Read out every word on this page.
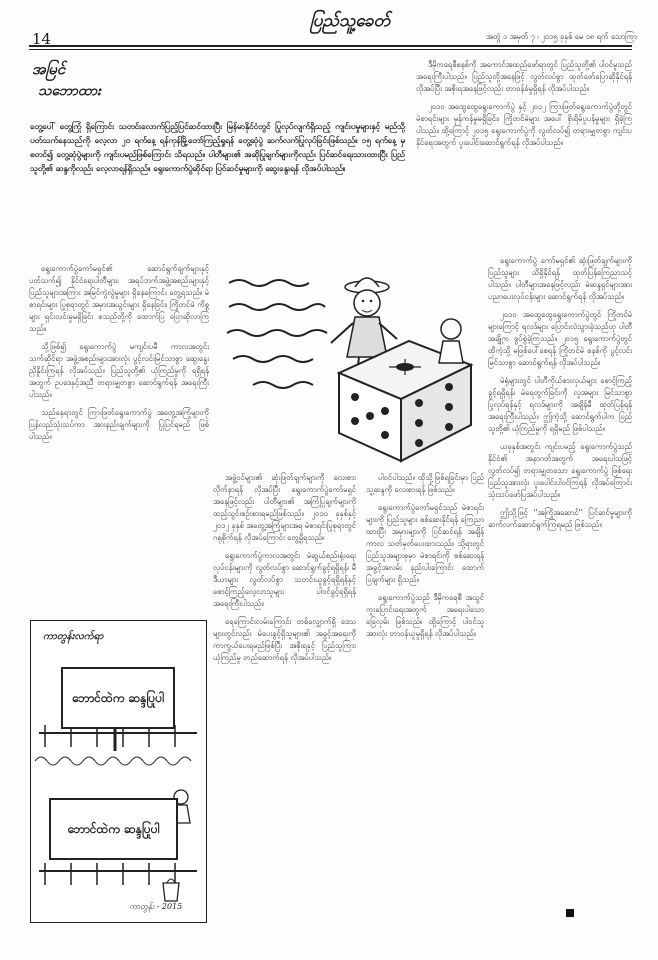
14
ပြည်သူ့ခေတ်
အတွဲ ၁ အမှတ် ၇ ၊ ၂၀၁၅ ခုနှစ် မေ ၁၈ ရက် သောကြာ
အမြင်
သဘောထား
တွေ့ပေါ် တွေ့ကြုံ ရှိကြောင်း သတင်းလောက်ပြည့်ပြင်ဆင်ထားပြီး မြန်မာနိုင်ငံတွင် ပြုလုပ်လျက်ရှိသည့် ကျင်းပမှုများနှင့် မည်သို့ ပတ်သက်နေသည်ကို လေ့လာ ၂၀ ရက်နေ့ ရန်ကုန်မြို့တော်ကြည့်ရှုရန် တွေ့ဆုံပွဲ ဆက်လက်ပြုလုပ်ခြင်းဖြစ်သည်။ ၁၅ ရက်နေ့ မှ စတင်၍ တွေ့ဆုံပွဲများကို ကျင်းပမည်ဖြစ်ကြောင်း သိရသည်။ ပါတီများ၏ အဆိုပြုချက်များကိုလည်း ပြင်ဆင်ရေးသားထားပြီး ပြည်သူတို့၏ ဆန္ဒကိုလည်း လေ့လာရန်ရှိသည်။ ရွေးကောက်ပွဲဆိုင်ရာ ပြင်ဆင်မှုများကို ဆွေးနွေးရန် လိုအပ်ပါသည်။

ဒီမိုကရေစီစနစ်ကို အကောင်အထည်ဖော်ရာတွင် ပြည်သူတို့၏ ပါဝင်မှုသည် အရေးကြီးပါသည်။ ပြည်သူတို့အနေဖြင့် လွတ်လပ်စွာ ထုတ်ဖော်ပြောဆိုနိုင်ရန် လိုအပ်ပြီး အစိုးရအနေဖြင့်လည်း တာဝန်ခံမှုရှိရန် လိုအပ်ပါသည်။

၂၀၁၀ အထွေထွေရွေးကောက်ပွဲ နှင့် ၂၀၁၂ ကြားဖြတ်ရွေးကောက်ပွဲတို့တွင် မဲစာရင်းများ မှန်ကန်မှုမရှိခြင်း၊ ကြိုတင်မဲများ အပေါ် စိုးရိမ်ပူပန်မှုများ ရှိခဲ့ကြပါသည်။ ထို့ကြောင့် ၂၀၁၅ ရွေးကောက်ပွဲကို လွတ်လပ်၍ တရားမျှတစွာ ကျင်းပနိုင်ရေးအတွက် ပူးပေါင်းဆောင်ရွက်ရန် လိုအပ်ပါသည်။

ရွေးကောက်ပွဲကော်မရှင်၏ ဆောင်ရွက်ချက်များနှင့် ပတ်သက်၍ နိုင်ငံရေးပါတီများ၊ အရပ်ဘက်အဖွဲ့အစည်းများနှင့် ပြည်သူများအကြား အမြင်ကွဲလွဲမှုများ ရှိနေကြောင်း တွေ့ရသည်။ မဲစာရင်းများ ပြုစုရာတွင် အမှားအယွင်းများ ရှိနေခြင်း၊ ကြိုတင်မဲ ကိစ္စများ ရှင်းလင်းမှုမရှိခြင်း စသည်တို့ကို ထောက်ပြ ပြောဆိုလာကြသည်။

သို့ဖြစ်၍ ရွေးကောက်ပွဲ မကျင်းပမီ ကာလအတွင်း သက်ဆိုင်ရာ အဖွဲ့အစည်းများအားလုံး ပွင့်လင်းမြင်သာစွာ ဆွေးနွေးညှိနှိုင်းကြရန် လိုအပ်သည်။ ပြည်သူတို့၏ ယုံကြည်မှုကို ရရှိရန်အတွက် ဥပဒေနှင့်အညီ တရားမျှတစွာ ဆောင်ရွက်ရန် အရေးကြီးပါသည်။

သည်နေရာတွင် ကြားဖြတ်ရွေးကောက်ပွဲ အတွေ့အကြုံများကို ပြန်လည်သုံးသပ်ကာ အားနည်းချက်များကို ပြုပြင်ရမည် ဖြစ်ပါသည်။

အဖွဲ့ဝင်များ၏ ဆုံးဖြတ်ချက်များကို လေးစားလိုက်နာရန် လိုအပ်ပြီး ရွေးကောက်ပွဲကော်မရှင်အနေဖြင့်လည်း ပါတီများ၏ အကြံပြုချက်များကို ထည့်သွင်းစဉ်းစားရမည်ဖြစ်သည်။ ၂၀၁၀ ခုနှစ်နှင့် ၂၀၁၂ ခုနှစ် အတွေ့အကြုံများအရ မဲစာရင်းပြုစုရာတွင် ဂရုစိုက်ရန် လိုအပ်ကြောင်း တွေ့ရှိရသည်။

ရွေးကောက်ပွဲကာလအတွင်း မဲဆွယ်စည်းရုံးရေး လုပ်ငန်းများကို လွတ်လပ်စွာ ဆောင်ရွက်ခွင့်ရရှိရန်၊ မီဒီယာများ လွတ်လပ်စွာ သတင်းယူခွင့်ရရှိရန်နှင့် စောင့်ကြည့်လေ့လာသူများ ပါဝင်ခွင့်ရရှိရန် အရေးကြီးပါသည်။

ရေကြောင်းလမ်းကြောင်း တစ်လျှောက်ရှိ ဒေသများတွင်လည်း မဲပေးခွင့်ရှိသူများ၏ အခွင့်အရေးကို ကာကွယ်ပေးရမည်ဖြစ်ပြီး အစိုးရနှင့် ပြည်သူကြား ယုံကြည်မှု တည်ဆောက်ရန် လိုအပ်ပါသည်။

ပါဝင်ပါသည်။ ထိုသို့ဖြစ်ရခြင်းမှာ ပြည်သူ့ဆန္ဒကို လေးစားရန် ဖြစ်သည်။

ရွေးကောက်ပွဲကော်မရှင်သည် မဲစာရင်းများကို ပြည်သူများ စစ်ဆေးနိုင်ရန် ကြေညာထားပြီး အမှားများကို ပြင်ဆင်ရန် အချိန်ကာလ သတ်မှတ်ပေးထားသည်။ သို့ရာတွင် ပြည်သူအများစုမှာ မဲစာရင်းကို စစ်ဆေးရန် အခွင့်အလမ်း နည်းပါးကြောင်း ထောက်ပြချက်များ ရှိသည်။

ရွေးကောက်ပွဲသည် ဒီမိုကရေစီ အသွင်ကူးပြောင်းရေးအတွက် အရေးပါသော ခြေလှမ်း ဖြစ်သည်။ ထို့ကြောင့် ပါဝင်သူအားလုံး တာဝန်ယူမှုရှိရန် လိုအပ်ပါသည်။

ရွေးကောက်ပွဲ ကော်မရှင်၏ ဆုံးဖြတ်ချက်များကို ပြည်သူများ သိရှိနိုင်ရန် ထုတ်ပြန်ကြေညာသင့်ပါသည်။ ပါတီများအနေဖြင့်လည်း မဲဆန္ဒရှင်များအား ပညာပေးလုပ်ငန်းများ ဆောင်ရွက်ရန် လိုအပ်သည်။

၂၀၁၀ အထွေထွေရွေးကောက်ပွဲတွင် ကြိုတင်မဲများကြောင့် ရလဒ်များ ပြောင်းလဲသွားခဲ့သည်ဟု ပါတီအချို့က စွပ်စွဲခဲ့ကြသည်။ ၂၀၁၅ ရွေးကောက်ပွဲတွင် ထိုကဲ့သို့ မဖြစ်ပေါ်စေရန် ကြိုတင်မဲ စနစ်ကို ပွင့်လင်းမြင်သာစွာ ဆောင်ရွက်ရန် လိုအပ်ပါသည်။

မဲရုံများတွင် ပါတီကိုယ်စားလှယ်များ စောင့်ကြည့်ခွင့်ရရှိရန်၊ မဲရေတွက်ခြင်းကို လူအများ မြင်သာစွာ ပြုလုပ်ရန်နှင့် ရလဒ်များကို အချိန်မီ ထုတ်ပြန်ရန် အရေးကြီးပါသည်။ ဤကဲ့သို့ ဆောင်ရွက်ပါက ပြည်သူတို့၏ ယုံကြည်မှုကို ရရှိမည် ဖြစ်ပါသည်။

ယခုနှစ်အတွင်း ကျင်းပမည့် ရွေးကောက်ပွဲသည် နိုင်ငံ၏ အနာဂတ်အတွက် အရေးပါသဖြင့် လွတ်လပ်၍ တရားမျှတသော ရွေးကောက်ပွဲ ဖြစ်ရေး ပြည်သူအားလုံး ပူးပေါင်းပါဝင်ကြရန် လိုအပ်ကြောင်း သုံးသပ်ဖော်ပြအပ်ပါသည်။

ဤသို့ဖြင့် ''အကြိုအဆောင်'' ပြင်ဆင်မှုများကို ဆက်လက်ဆောင်ရွက်ကြရမည် ဖြစ်သည်။

ကာတွန်းလက်ရာ
ဘောင်ထဲက ဆန္ဒပြုပါ
ဘောင်ထဲက ဆန္ဒပြုပါ
ကာတွန်း - 2015
